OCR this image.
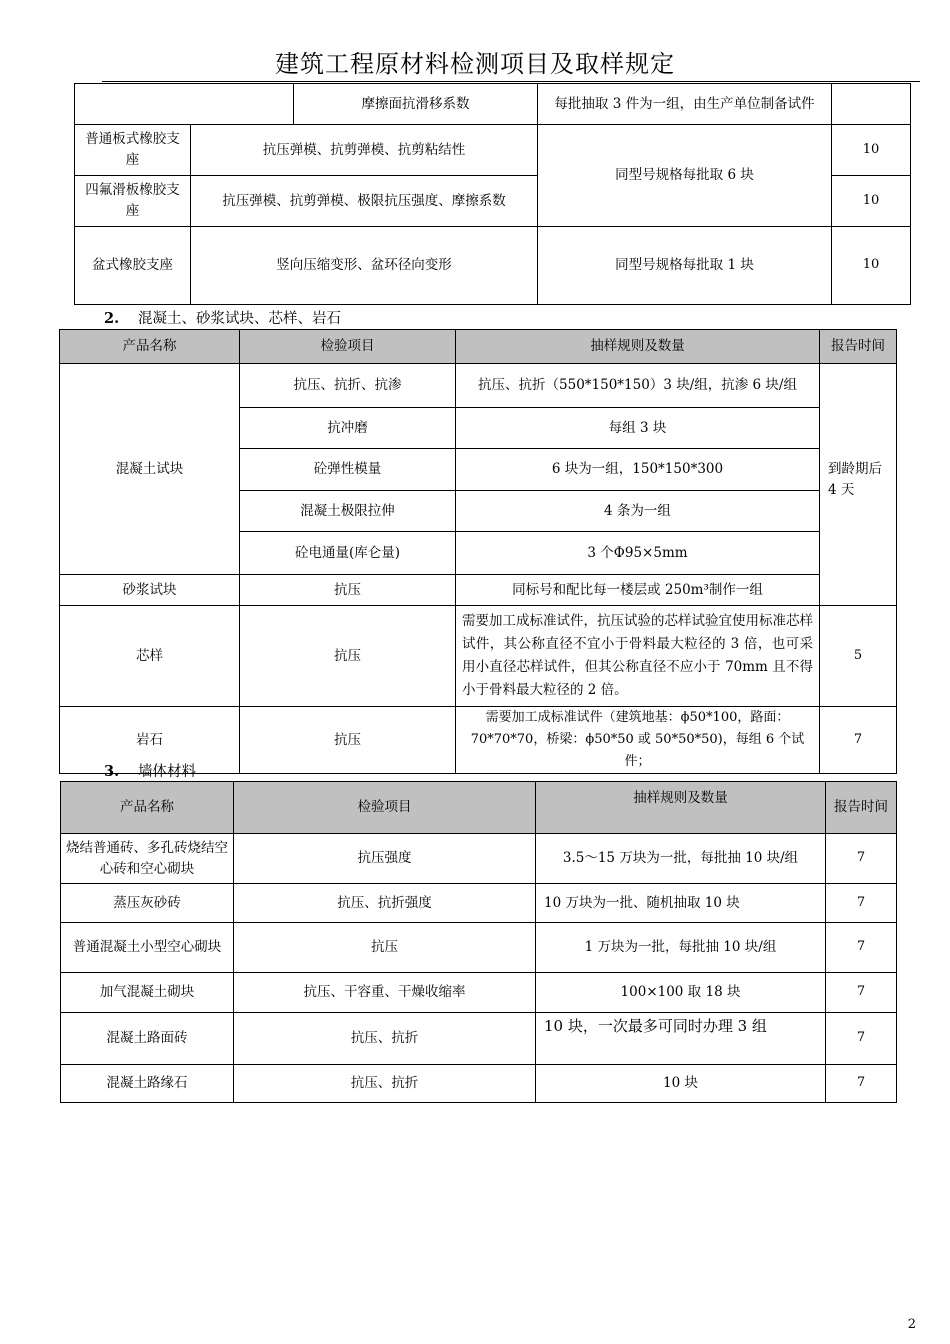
建筑工程原材料检测项目及取样规定
		摩擦面抗滑移系数	每批抽取 3 件为一组，由生产单位制备试件	
普通板式橡胶支座	抗压弹模、抗剪弹模、抗剪粘结性		同型号规格每批取 6 块	10
四氟滑板橡胶支座	抗压弹模、抗剪弹模、极限抗压强度、摩擦系数			10
盆式橡胶支座	竖向压缩变形、盆环径向变形		同型号规格每批取 1 块	10
2. 混凝土、砂浆试块、芯样、岩石
产品名称	检验项目	抽样规则及数量	报告时间
混凝土试块	抗压、抗折、抗渗	抗压、抗折（550*150*150）3 块/组，抗渗 6 块/组	到龄期后 4 天
	抗冲磨	每组 3 块	
	砼弹性模量	6 块为一组，150*150*300	
	混凝土极限拉伸	4 条为一组	
	砼电通量(库仑量)	3 个Φ95×5mm	
砂浆试块	抗压	同标号和配比每一楼层或 250m³制作一组	
芯样	抗压	需要加工成标准试件，抗压试验的芯样试验宜使用标准芯样试件，其公称直径不宜小于骨料最大粒径的 3 倍，也可采用小直径芯样试件，但其公称直径不应小于 70mm 且不得小于骨料最大粒径的 2 倍。	5
岩石	抗压	需要加工成标准试件（建筑地基：ϕ50*100，路面：70*70*70，桥梁：ϕ50*50 或 50*50*50)，每组 6 个试件；	7
3. 墙体材料
产品名称	检验项目	抽样规则及数量	报告时间
烧结普通砖、多孔砖烧结空心砖和空心砌块	抗压强度	3.5～15 万块为一批，每批抽 10 块/组	7
蒸压灰砂砖	抗压、抗折强度	10 万块为一批、随机抽取 10 块	7
普通混凝土小型空心砌块	抗压	1 万块为一批，每批抽 10 块/组	7
加气混凝土砌块	抗压、干容重、干燥收缩率	100×100 取 18 块	7
混凝土路面砖	抗压、抗折	10 块，一次最多可同时办理 3 组	7
混凝土路缘石	抗压、抗折	10 块	7
2
